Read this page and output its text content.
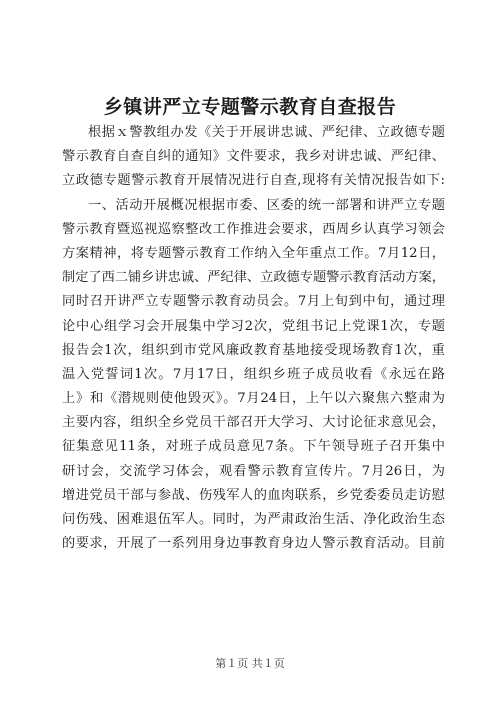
乡镇讲严立专题警示教育自查报告
根据ｘ警教组办发《关于开展讲忠诚、严纪律、立政德专题
警示教育自查自纠的通知》文件要求，我乡对讲忠诚、严纪律、
立政德专题警示教育开展情况进行自查,现将有关情况报告如下:
一、活动开展概况根据市委、区委的统一部署和讲严立专题
警示教育暨巡视巡察整改工作推进会要求，西周乡认真学习领会
方案精神，将专题警示教育工作纳入全年重点工作。7月12日，
制定了西二铺乡讲忠诚、严纪律、立政德专题警示教育活动方案，
同时召开讲严立专题警示教育动员会。7月上旬到中旬，通过理
论中心组学习会开展集中学习2次，党组书记上党课1次，专题
报告会1次，组织到市党风廉政教育基地接受现场教育1次，重
温入党誓词1次。7月17日，组织乡班子成员收看《永远在路
上》和《潜规则使他毁灭》。7月24日，上午以六聚焦六整肃为
主要内容，组织全乡党员干部召开大学习、大讨论征求意见会，
征集意见11条，对班子成员意见7条。下午领导班子召开集中
研讨会，交流学习体会，观看警示教育宣传片。7月26日，为
增进党员干部与参战、伤残军人的血肉联系，乡党委委员走访慰
问伤残、困难退伍军人。同时，为严肃政治生活、净化政治生态
的要求，开展了一系列用身边事教育身边人警示教育活动。目前
第１页 共１页
